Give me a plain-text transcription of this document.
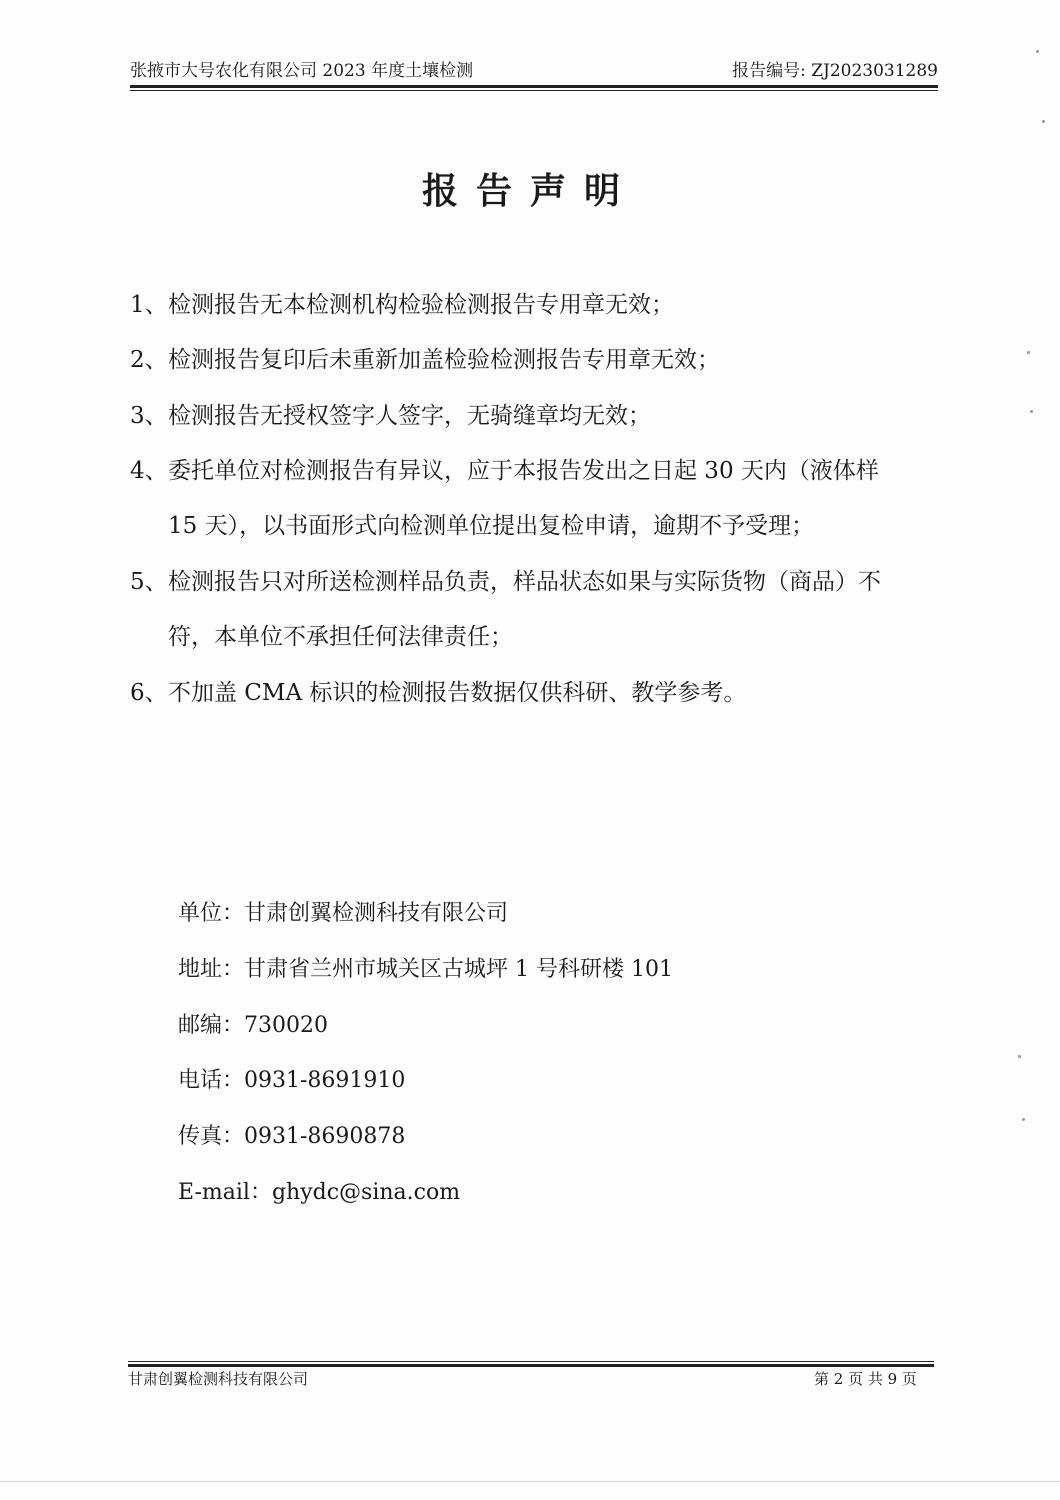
张掖市大号农化有限公司 2023 年度土壤检测	报告编号: ZJ2023031289
报告声明
1、 检测报告无本检测机构检验检测报告专用章无效；
2、 检测报告复印后未重新加盖检验检测报告专用章无效；
3、 检测报告无授权签字人签字，无骑缝章均无效；
4、 委托单位对检测报告有异议，应于本报告发出之日起 30 天内（液体样
15 天），以书面形式向检测单位提出复检申请，逾期不予受理；
5、 检测报告只对所送检测样品负责，样品状态如果与实际货物（商品）不
符，本单位不承担任何法律责任；
6、 不加盖 CMA 标识的检测报告数据仅供科研、教学参考。
单位：甘肃创翼检测科技有限公司
地址：甘肃省兰州市城关区古城坪 1 号科研楼 101
邮编：730020
电话：0931-8691910
传真：0931-8690878
E-mail：ghydc@sina.com
甘肃创翼检测科技有限公司	第 2 页 共 9 页
